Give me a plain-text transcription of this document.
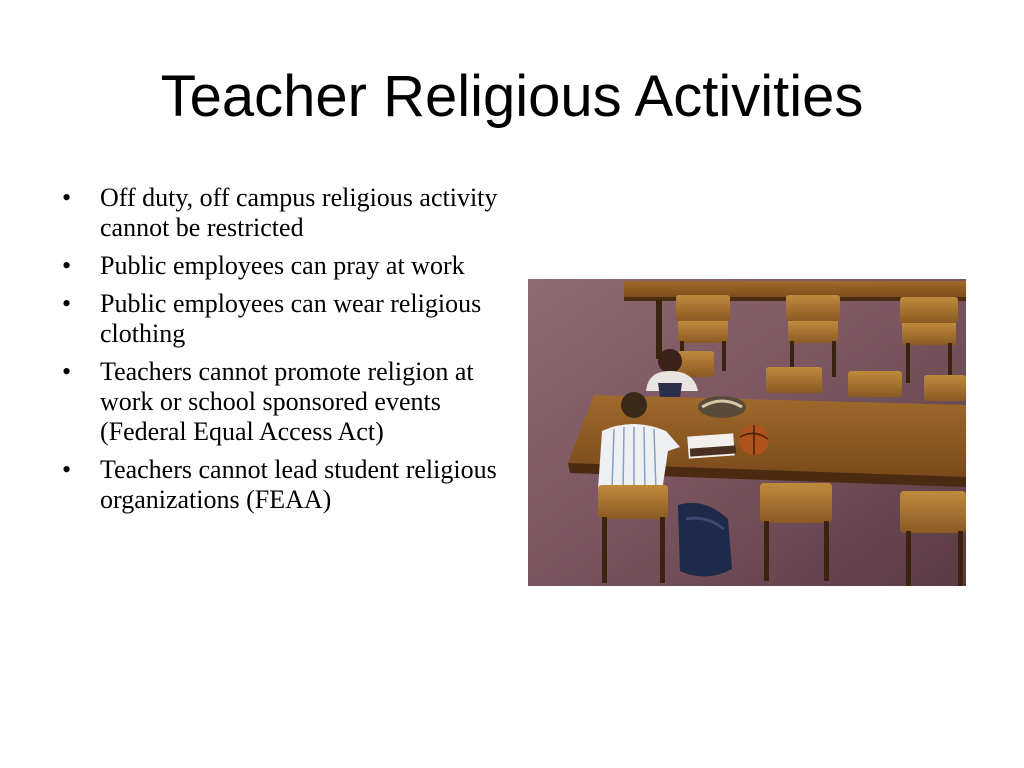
Teacher Religious Activities
•	Off duty, off campus religious activity cannot be restricted
•	Public employees can pray at work
•	Public employees can wear religious clothing
•	Teachers cannot promote religion at work or school sponsored events (Federal Equal Access Act)
•	Teachers cannot lead student religious organizations (FEAA)
